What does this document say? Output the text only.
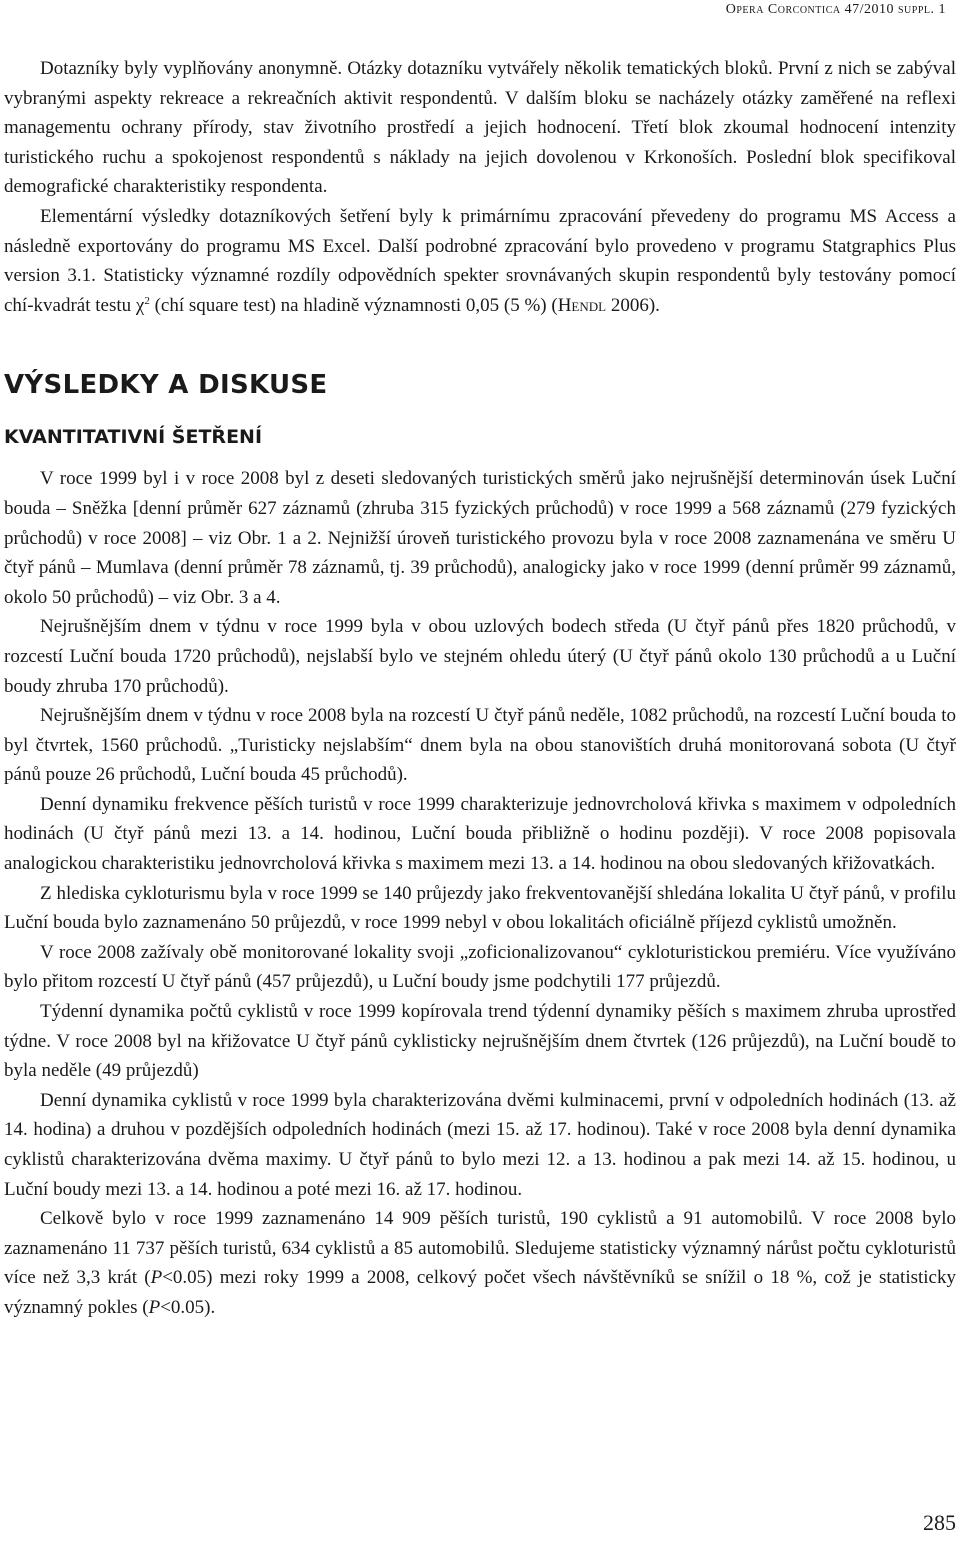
Opera Corcontica 47/2010 suppl. 1

Dotazníky byly vyplňovány anonymně. Otázky dotazníku vytvářely několik tematických bloků. První z nich se zabýval vybranými aspekty rekreace a rekreačních aktivit respondentů. V dalším bloku se nacházely otázky zaměřené na reflexi managementu ochrany přírody, stav životního prostředí a jejich hodnocení. Třetí blok zkoumal hodnocení intenzity turistického ruchu a spokojenost respondentů s náklady na jejich dovolenou v Krkonoších. Poslední blok specifikoval demografické charakteristiky respondenta.

Elementární výsledky dotazníkových šetření byly k primárnímu zpracování převedeny do programu MS Access a následně exportovány do programu MS Excel. Další podrobné zpracování bylo provedeno v programu Statgraphics Plus version 3.1. Statisticky významné rozdíly odpovědních spekter srovnávaných skupin respondentů byly testovány pomocí chí-kvadrát testu $\chi^2$ (chí square test) na hladině významnosti 0,05 (5 %) (Hendl 2006).

VÝSLEDKY A DISKUSE
KVANTITATIVNÍ ŠETŘENÍ

V roce 1999 byl i v roce 2008 byl z deseti sledovaných turistických směrů jako nejrušnější determinován úsek Luční bouda – Sněžka [denní průměr 627 záznamů (zhruba 315 fyzických průchodů) v roce 1999 a 568 záznamů (279 fyzických průchodů) v roce 2008] – viz Obr. 1 a 2. Nejnižší úroveň turistického provozu byla v roce 2008 zaznamenána ve směru U čtyř pánů – Mumlava (denní průměr 78 záznamů, tj. 39 průchodů), analogicky jako v roce 1999 (denní průměr 99 záznamů, okolo 50 průchodů) – viz Obr. 3 a 4.

Nejrušnějším dnem v týdnu v roce 1999 byla v obou uzlových bodech středa (U čtyř pánů přes 1820 průchodů, v rozcestí Luční bouda 1720 průchodů), nejslabší bylo ve stejném ohledu úterý (U čtyř pánů okolo 130 průchodů a u Luční boudy zhruba 170 průchodů).

Nejrušnějším dnem v týdnu v roce 2008 byla na rozcestí U čtyř pánů neděle, 1082 průchodů, na rozcestí Luční bouda to byl čtvrtek, 1560 průchodů. „Turisticky nejslabším“ dnem byla na obou stanovištích druhá monitorovaná sobota (U čtyř pánů pouze 26 průchodů, Luční bouda 45 průchodů).

Denní dynamiku frekvence pěších turistů v roce 1999 charakterizuje jednovrcholová křivka s maximem v odpoledních hodinách (U čtyř pánů mezi 13. a 14. hodinou, Luční bouda přibližně o hodinu později). V roce 2008 popisovala analogickou charakteristiku jednovrcholová křivka s maximem mezi 13. a 14. hodinou na obou sledovaných křižovatkách.

Z hlediska cykloturismu byla v roce 1999 se 140 průjezdy jako frekventovanější shledána lokalita U čtyř pánů, v profilu Luční bouda bylo zaznamenáno 50 průjezdů, v roce 1999 nebyl v obou lokalitách oficiálně příjezd cyklistů umožněn.

V roce 2008 zažívaly obě monitorované lokality svoji „zoficionalizovanou“ cykloturistickou premiéru. Více využíváno bylo přitom rozcestí U čtyř pánů (457 průjezdů), u Luční boudy jsme podchytili 177 průjezdů.

Týdenní dynamika počtů cyklistů v roce 1999 kopírovala trend týdenní dynamiky pěších s maximem zhruba uprostřed týdne. V roce 2008 byl na křižovatce U čtyř pánů cyklisticky nejrušnějším dnem čtvrtek (126 průjezdů), na Luční boudě to byla neděle (49 průjezdů)

Denní dynamika cyklistů v roce 1999 byla charakterizována dvěmi kulminacemi, první v odpoledních hodinách (13. až 14. hodina) a druhou v pozdějších odpoledních hodinách (mezi 15. až 17. hodinou). Také v roce 2008 byla denní dynamika cyklistů charakterizována dvěma maximy. U čtyř pánů to bylo mezi 12. a 13. hodinou a pak mezi 14. až 15. hodinou, u Luční boudy mezi 13. a 14. hodinou a poté mezi 16. až 17. hodinou.

Celkově bylo v roce 1999 zaznamenáno 14 909 pěších turistů, 190 cyklistů a 91 automobilů. V roce 2008 bylo zaznamenáno 11 737 pěších turistů, 634 cyklistů a 85 automobilů. Sledujeme statisticky významný nárůst počtu cykloturistů více než 3,3 krát (P<0.05) mezi roky 1999 a 2008, celkový počet všech návštěvníků se snížil o 18 %, což je statisticky významný pokles (P<0.05).

285
